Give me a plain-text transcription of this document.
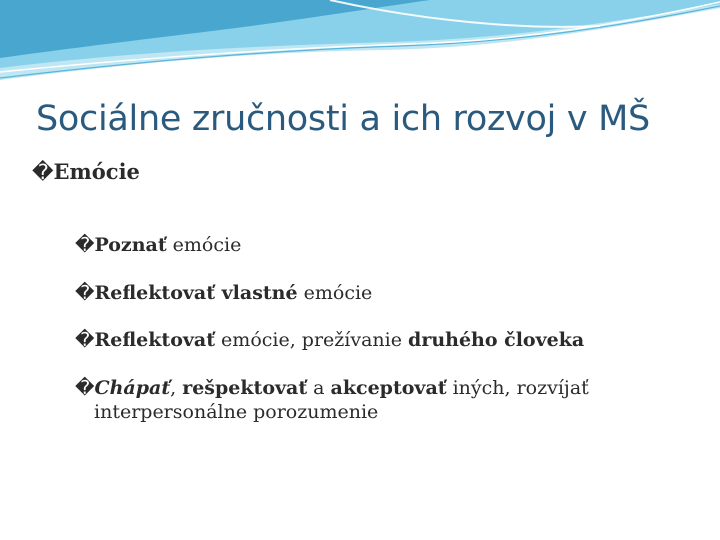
Sociálne zručnosti a ich rozvoj v MŠ
�Emócie
�Poznať emócie
�Reflektovať vlastné emócie
�Reflektovať emócie, prežívanie druhého človeka
�Chápať, rešpektovať a akceptovať iných, rozvíjať
interpersonálne porozumenie
